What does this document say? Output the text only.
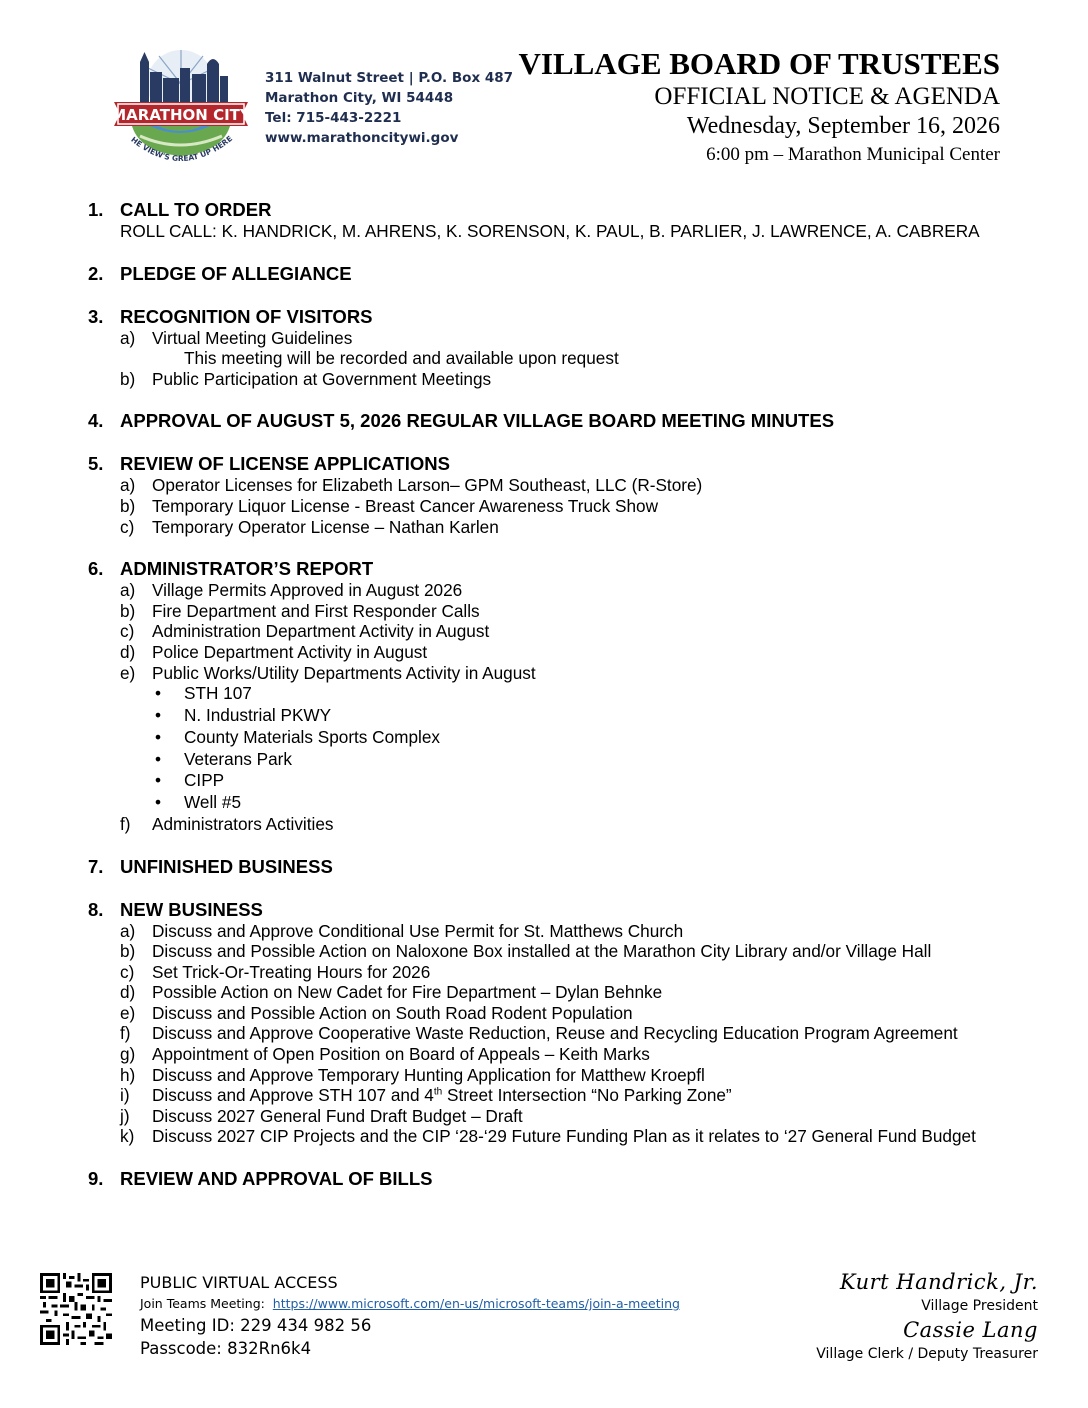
MARATHON CITY
HE VIEW'S GREAT UP HERE
311 Walnut Street | P.O. Box 487
Marathon City, WI 54448
Tel: 715-443-2221
www.marathoncitywi.gov
VILLAGE BOARD OF TRUSTEES
OFFICIAL NOTICE & AGENDA
Wednesday, September 16, 2026
6:00 pm – Marathon Municipal Center
1. CALL TO ORDER
ROLL CALL: K. HANDRICK, M. AHRENS, K. SORENSON, K. PAUL, B. PARLIER, J. LAWRENCE, A. CABRERA
2. PLEDGE OF ALLEGIANCE
3. RECOGNITION OF VISITORS
a) Virtual Meeting Guidelines
This meeting will be recorded and available upon request
b) Public Participation at Government Meetings
4. APPROVAL OF AUGUST 5, 2026 REGULAR VILLAGE BOARD MEETING MINUTES
5. REVIEW OF LICENSE APPLICATIONS
a) Operator Licenses for Elizabeth Larson– GPM Southeast, LLC (R-Store)
b) Temporary Liquor License - Breast Cancer Awareness Truck Show
c)	Temporary Operator License – Nathan Karlen
6. ADMINISTRATOR’S REPORT
a) Village Permits Approved in August 2026
b) Fire Department and First Responder Calls
c)	Administration Department Activity in August
d) Police Department Activity in August
e) Public Works/Utility Departments Activity in August
•	STH 107
•	N. Industrial PKWY
•	County Materials Sports Complex
•	Veterans Park
•	CIPP
•	Well #5
f)	Administrators Activities
7. UNFINISHED BUSINESS
8. NEW BUSINESS
a) Discuss and Approve Conditional Use Permit for St. Matthews Church
b) Discuss and Possible Action on Naloxone Box installed at the Marathon City Library and/or Village Hall
c)	Set Trick-Or-Treating Hours for 2026
d) Possible Action on New Cadet for Fire Department – Dylan Behnke
e) Discuss and Possible Action on South Road Rodent Population
f)	Discuss and Approve Cooperative Waste Reduction, Reuse and Recycling Education Program Agreement
g) Appointment of Open Position on Board of Appeals – Keith Marks
h) Discuss and Approve Temporary Hunting Application for Matthew Kroepfl
i)	Discuss and Approve STH 107 and 4th Street Intersection “No Parking Zone”
j)	Discuss 2027 General Fund Draft Budget – Draft
k)	Discuss 2027 CIP Projects and the CIP ‘28-‘29 Future Funding Plan as it relates to ‘27 General Fund Budget
9. REVIEW AND APPROVAL OF BILLS
PUBLIC VIRTUAL ACCESS
Join Teams Meeting: https://www.microsoft.com/en-us/microsoft-teams/join-a-meeting
Meeting ID: 229 434 982 56
Passcode: 832Rn6k4
Kurt Handrick, Jr.
Village President
Cassie Lang
Village Clerk / Deputy Treasurer
